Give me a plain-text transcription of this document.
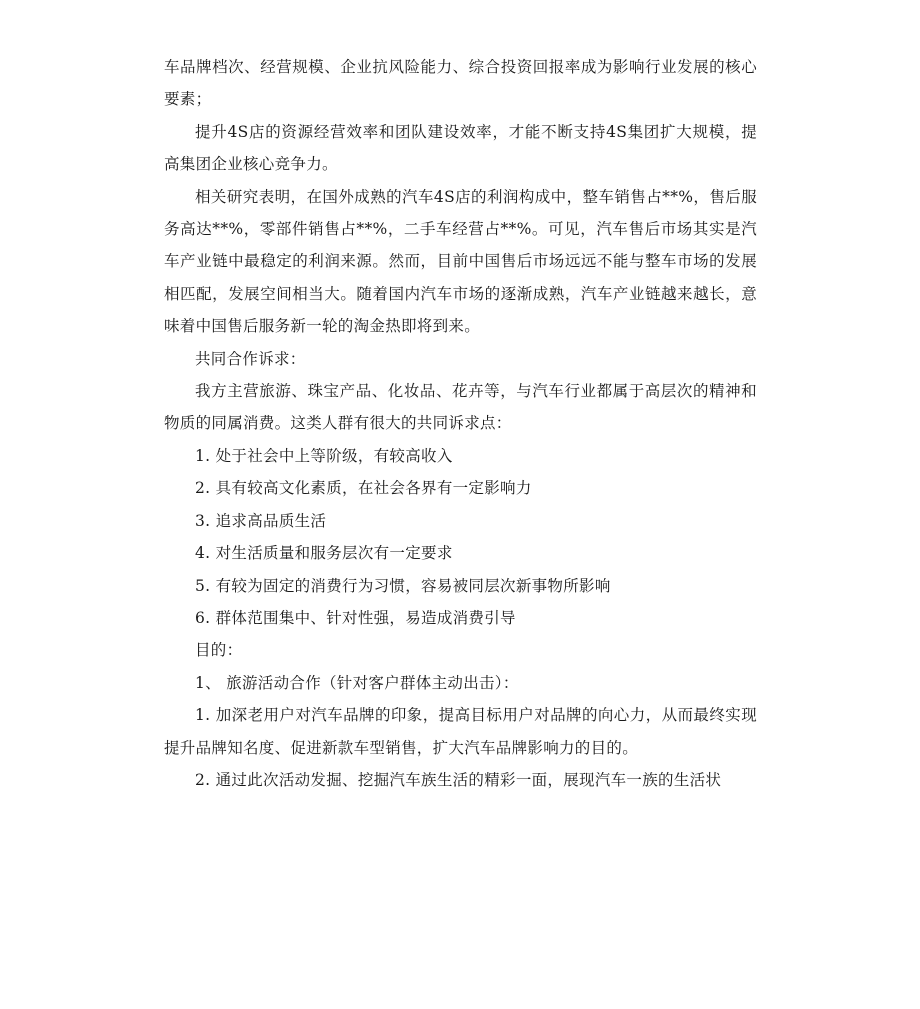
车品牌档次、经营规模、企业抗风险能力、综合投资回报率成为影响行业发展的核心要素；

提升4S店的资源经营效率和团队建设效率，才能不断支持4S集团扩大规模，提高集团企业核心竞争力。

相关研究表明，在国外成熟的汽车4S店的利润构成中，整车销售占**%，售后服务高达**%，零部件销售占**%，二手车经营占**%。可见，汽车售后市场其实是汽车产业链中最稳定的利润来源。然而，目前中国售后市场远远不能与整车市场的发展相匹配，发展空间相当大。随着国内汽车市场的逐渐成熟，汽车产业链越来越长，意味着中国售后服务新一轮的淘金热即将到来。

共同合作诉求：

我方主营旅游、珠宝产品、化妆品、花卉等，与汽车行业都属于高层次的精神和物质的同属消费。这类人群有很大的共同诉求点：

1. 处于社会中上等阶级，有较高收入

2. 具有较高文化素质，在社会各界有一定影响力

3. 追求高品质生活

4. 对生活质量和服务层次有一定要求

5. 有较为固定的消费行为习惯，容易被同层次新事物所影响

6. 群体范围集中、针对性强，易造成消费引导

目的：

1、 旅游活动合作（针对客户群体主动出击）：

1. 加深老用户对汽车品牌的印象，提高目标用户对品牌的向心力，从而最终实现提升品牌知名度、促进新款车型销售，扩大汽车品牌影响力的目的。

2. 通过此次活动发掘、挖掘汽车族生活的精彩一面，展现汽车一族的生活状
